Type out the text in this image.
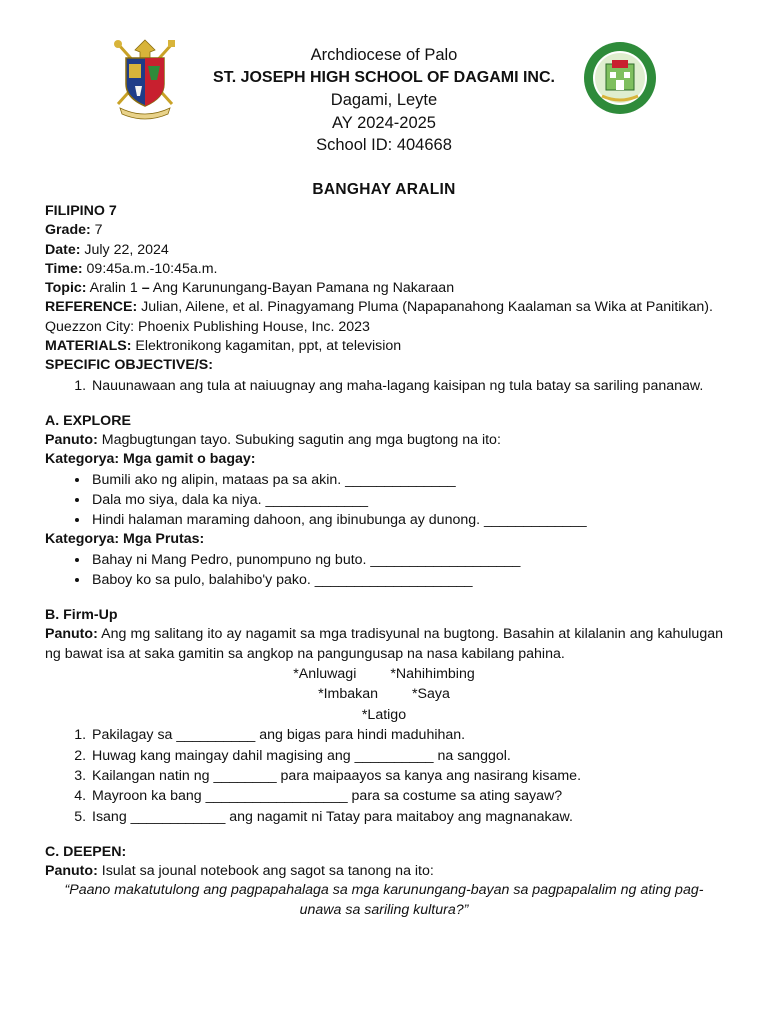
Archdiocese of Palo
ST. JOSEPH HIGH SCHOOL OF DAGAMI INC.
Dagami, Leyte
AY 2024-2025
School ID: 404668
BANGHAY ARALIN
FILIPINO 7
Grade: 7
Date: July 22, 2024
Time: 09:45a.m.-10:45a.m.
Topic: Aralin 1 – Ang Karunungang-Bayan Pamana ng Nakaraan
REFERENCE: Julian, Ailene, et al. Pinagyamang Pluma (Napapanahong Kaalaman sa Wika at Panitikan). Quezzon City: Phoenix Publishing House, Inc. 2023
MATERIALS: Elektronikong kagamitan, ppt, at television
SPECIFIC OBJECTIVE/S:
1. Nauunawaan ang tula at naiuugnay ang maha-lagang kaisipan ng tula batay sa sariling pananaw.
A. EXPLORE
Panuto: Magbugtungan tayo. Subuking sagutin ang mga bugtong na ito:
Kategorya: Mga gamit o bagay:
• Bumili ako ng alipin, mataas pa sa akin. ______________
• Dala mo siya, dala ka niya. _____________
• Hindi halaman maraming dahoon, ang ibinubunga ay dunong. _____________
Kategorya: Mga Prutas:
• Bahay ni Mang Pedro, punompuno ng buto. ___________________
• Baboy ko sa pulo, balahibo'y pako. ____________________
B. Firm-Up
Panuto: Ang mg salitang ito ay nagamit sa mga tradisyunal na bugtong. Basahin at kilalanin ang kahulugan ng bawat isa at saka gamitin sa angkop na pangungusap na nasa kabilang pahina.
*Anluwagi *Nahihimbing
*Imbakan *Saya
*Latigo
1. Pakilagay sa __________ ang bigas para hindi maduhihan.
2. Huwag kang maingay dahil magising ang __________ na sanggol.
3. Kailangan natin ng ________ para maipaayos sa kanya ang nasirang kisame.
4. Mayroon ka bang __________________ para sa costume sa ating sayaw?
5. Isang ____________ ang nagamit ni Tatay para maitaboy ang magnanakaw.
C. DEEPEN:
Panuto: Isulat sa jounal notebook ang sagot sa tanong na ito:
“Paano makatutulong ang pagpapahalaga sa mga karunungang-bayan sa pagpapalalim ng ating pag-unawa sa sariling kultura?”
